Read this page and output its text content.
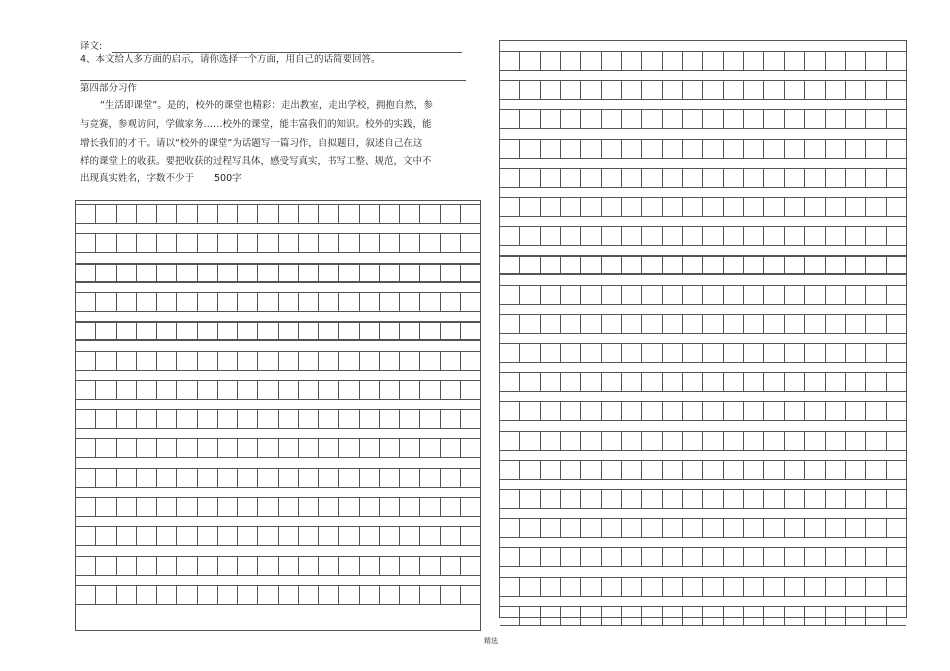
译文:
4、本文给人多方面的启示，请你选择一个方面，用自己的话简要回答。
第四部分习作
“生活即课堂”。是的，校外的课堂也精彩：走出教室，走出学校，拥抱自然，参
与竞赛，参观访问，学做家务……校外的课堂，能丰富我们的知识。校外的实践，能
增长我们的才干。请以“校外的课堂”为话题写一篇习作，自拟题目，叙述自己在这
样的课堂上的收获。要把收获的过程写具体，感受写真实，书写工整、规范，文中不
出现真实姓名，字数不少于 500字
精选
